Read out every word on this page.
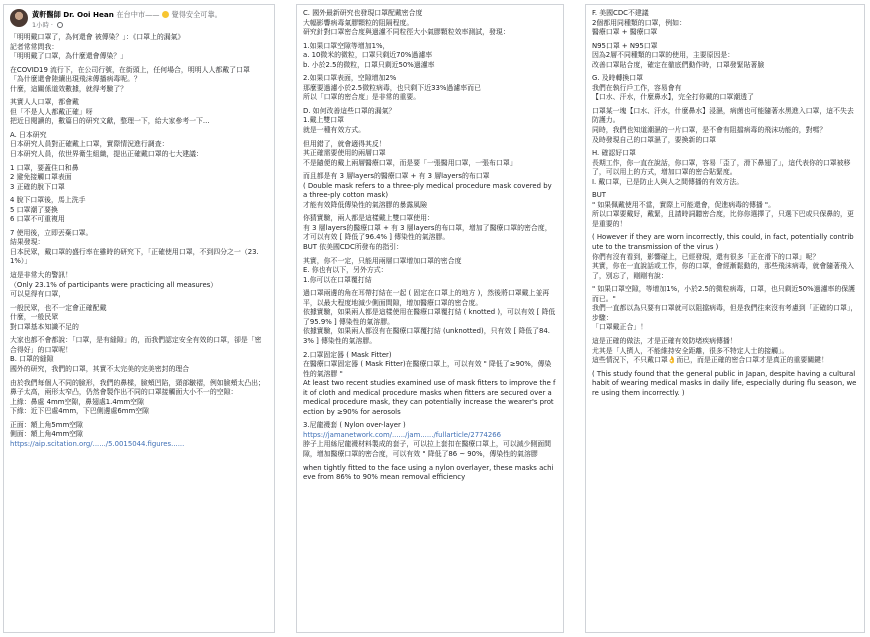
黃軒醫師 Dr. Ooi Hean 在台中市—— 覺得安全可靠。
1小時 ·
「明明戴口罩了，為何還會 被傳染？」：《口罩上的漏氣》
記者常常問我：
「明明戴了口罩，為什麼還會傳染？」
在COVID19 流行下，在公司行號，在街頭上，任何場合，明明人人都戴了口罩
「為什麼還會陸續出現飛沫傳播病毒呢。？
什麼，這關係道效數據，就得考驗了？
其實人人口罩，都會戴
但「不是人人都戴正確」呀
把近日閱讀的，數篇日的研究文獻，整理一下，給大家參考一下...
A. 日本研究
日本研究人員對正確戴上口罩，實際情況進行調查：
日本研究人員，依世界衛生組織，提出正確戴口罩的七大建議：
1 口罩，要蓋住口和鼻
2 避免接觸口罩表面
3 正確的脫下口罩
4 脫下口罩後，馬上洗手
5 口罩潮了要換
6 口罩不可重複用
7 使用後，立即丟棄口罩。
結果發現：
日本民眾，戴口罩的盛行率在雖時的研究下，「正確使用口罩，不到四分之一（23.1%）」
這是非常大的警訊！
（Only 23.1% of participants were practicing all measures）
可以見得有口罩，
一般民眾，也不一定會正確配戴
什麼，一般民眾
對口罩基本知識不足的
大家也都不會都說：「口罩，是有縫隙」的，而我們認定安全有效的口罩，卻是「密合得好」的口罩呢！
B. 口罩的縫隙
國外的研究，我們的口罩，其實不太完美的完美密封的理合
由於我們每個人不同的臉形，我們的鼻樑，臉頰凹陷，頸部皺褶，例如臉頰太凸出；鼻子太高，兩形太窄凸，仍然會製作出不同的口罩接觸面大小不一的空隙：
上緣：鼻處 4mm空隙，鼻翅處1.4mm空隙
下緣：近下巴處4mm，下巴側邊處6mm空隙
正面：額上角5mm空隙
側面：額上角4mm空隙
https://aip.scitation.org/....../5.0015044.figures......
C. 國外最新研究也發現口罩配戴密合度
大幅影響病毒氣膠顆粒的阻隔程度。
研究針對口罩密合度與過濾不同粒徑大小氣膠顆粒效率測試，發現：
1.如果口罩空隙等增加1%，
a. 10微米的微粒，口罩只剩近70%過濾率
b. 小於2.5的微粒，口罩只剩近50%過濾率
2.如果口罩表面，空隙增加2%
那麼要過濾小於2.5微粒病毒，也只剩下近33%過濾率而已
所以「口罩的密合度」是非常的重要。
D. 如何改善這些口罩的漏氣？
1.戴上雙口罩
就是一種有效方式。
但用錯了，就會適得其反！
其正確需要使用的兩層口罩
不是隨便的戴上兩層醫療口罩，而是要「一張醫用口罩，一張布口罩」
而且都是有 3 層layers的醫療口罩 + 有 3 層layers的布口罩
( Double mask refers to a three-ply medical procedure mask covered by a three-ply cotton mask)
才能有效降低傳染性的氣溶膠的暴露風險
你猜實驗，兩人都是這樣戴上雙口罩使用：
有 3 層layers的醫療口罩 + 有 3 層layers的布口罩，增加了醫療口罩的密合度，才可以有效 [ 降低了96.4% ] 傳染性的氣溶膠。
BUT 依美國CDC所發布的指引：
其實，你不一定，只能用兩層口罩增加口罩的密合度
E. 你也有以下，另外方式：
1.你可以在口罩覆打結
過口罩兩邊的角在耳帶打結在一起 ( 固定在口罩上的地方 )，然後將口罩戴上並再平，以最大程度地減少側面間隙，增加醫療口罩的密合度。
依據實驗，如果兩人都是這樣使用在醫療口罩覆打結 ( knotted )，可以有效 [ 降低了95.9% ] 傳染性的氣溶膠。
依據實驗，如果兩人都沒有在醫療口罩覆打結 (unknotted)，只有效 [ 降低了84.3% ] 傳染性的氣溶膠。
2.口罩固定器 ( Mask Fitter)
在醫療口罩固定器 ( Mask Fitter)在醫療口罩上，可以有效 " 降低了≥90%，傳染性的氣溶膠 "
At least two recent studies examined use of mask fitters to improve the fit of cloth and medical procedure masks when fitters are secured over a medical procedure mask, they can potentially increase the wearer's protection by ≥90% for aerosols
3.尼龍襪套 ( Nylon over-layer )
https://jamanetwork.com/....../jam....../fullarticle/2774266
脖子上用絲尼龍襪材料製成的套子，可以拉上套扣在醫療口罩上，可以減少側面間隙，增加醫療口罩的密合度，可以有效 " 降低了86 ~ 90%，傳染性的氣溶膠
when tightly fitted to the face using a nylon overlayer, these masks achieve from 86% to 90% mean removal efficiency
F. 美國CDC不建議
2個都用同種類的口罩，例如：
醫療口罩 + 醫療口罩
N95口罩 + N95口罩
因為2層不同種類的口罩的使用，主要原因是：
改善口罩貼合度，確定在徹底們動作時，口罩發緊貼著臉
G. 及時轉換口罩
我們在執行戶工作，容易會有
【口水、汗水，什麼鼻水】，完全打你戴的口罩潮透了
口罩某一塊【口水、汗水，什麼鼻水】浸濕，病菌也可能隨著水黑進入口罩，這不失去防護力。
同時，我們也知道潮濕的一片口罩，是不會有阻擋病毒的飛沫功能的，對嗎？
及時發現自己的口罩濕了，要換新的口罩
H. 確認好口罩
長期工作，你一直在說話，你口罩，容易「歪了，滑下鼻翅了」，這代表你的口罩被移了，可以用上的方式，增加口罩的密合貼緊度。
I. 戴口罩，已是防止人與人之間傳播的有效方法。
BUT
" 如果佩戴使用不當，實際上可能還會，促進病毒的傳播 "。
所以口罩要戴好，戴緊，且請時詞聽密合度，比你你選擇了，只選下巴或只保鼻的，更是重要的！
( However if they are worn incorrectly, this could, in fact, potentially contribute to the transmission of the virus )
你們有沒有看到，影響碰上，已經發現，還有很多「正在滑下的口罩」呢？
其實，你在一直說話或工作，你的口罩，會經漸鬆動的，那些飛沫病毒，就會隨著飛入了，別忘了，剛剛有說：
" 如果口罩空隙，等增加1%，小於2.5的微粒病毒，口罩，也只剩近50%過濾率的保護而已。"
我們一直都以為只要有口罩就可以阻擋病毒，但是我們往來沒有考慮到「正確的口罩」，步驟：
「口罩戴正合」！
這是正確的做法，才是正確有效防堵疾病傳播！
尤其是「人擠人，不能維持安全距離，很多不特定人士的接觸」。
這些情況下，不只戴口罩👌而已，而是正確的密合口罩才是真正的重要關鍵！
( This study found that the general public in Japan, despite having a cultural habit of wearing medical masks in daily life, especially during flu season, were using them incorrectly. )
